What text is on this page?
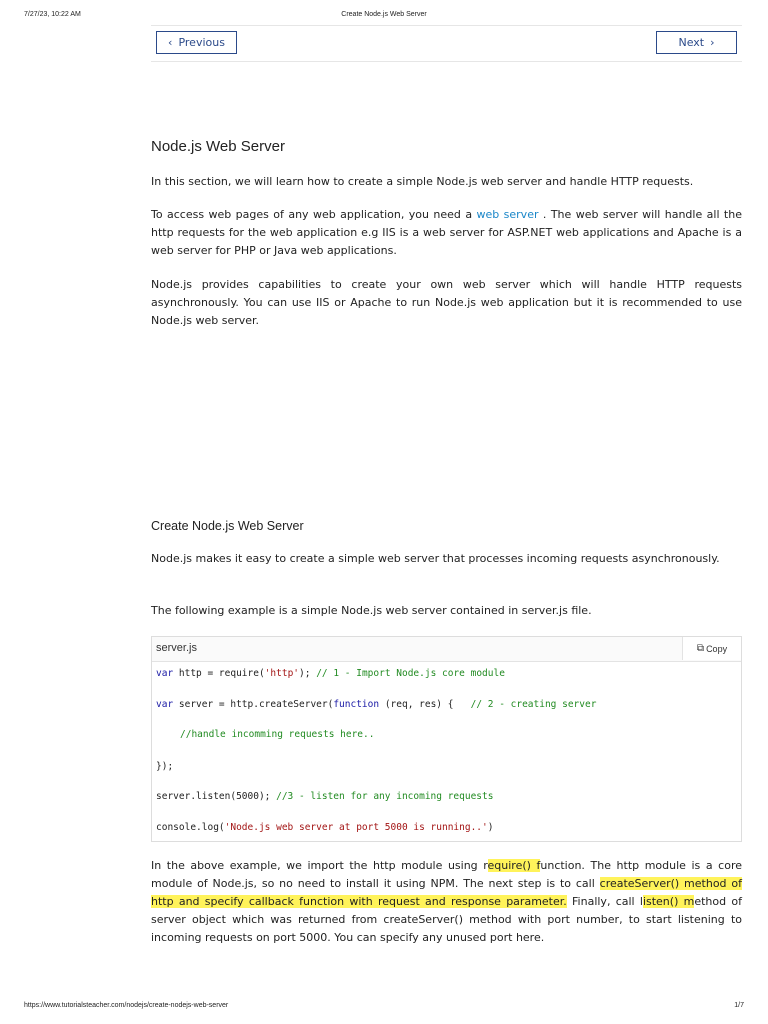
7/27/23, 10:22 AM	Create Node.js Web Server
‹ Previous	Next ›
Node.js Web Server

In this section, we will learn how to create a simple Node.js web server and handle HTTP requests.

To access web pages of any web application, you need a web server . The web server will handle all the http requests for the web application e.g IIS is a web server for ASP.NET web applications and Apache is a web server for PHP or Java web applications.

Node.js provides capabilities to create your own web server which will handle HTTP requests asynchronously. You can use IIS or Apache to run Node.js web application but it is recommended to use Node.js web server.

Create Node.js Web Server

Node.js makes it easy to create a simple web server that processes incoming requests asynchronously.

The following example is a simple Node.js web server contained in server.js file.

server.js	⧉ Copy
var http = require('http'); // 1 - Import Node.js core module
var server = http.createServer(function (req, res) {   // 2 - creating server
//handle incomming requests here..
});
server.listen(5000); //3 - listen for any incoming requests
console.log('Node.js web server at port 5000 is running..')

In the above example, we import the http module using require() function. The http module is a core module of Node.js, so no need to install it using NPM. The next step is to call createServer() method of http and specify callback function with request and response parameter. Finally, call listen() method of server object which was returned from createServer() method with port number, to start listening to incoming requests on port 5000. You can specify any unused port here.

https://www.tutorialsteacher.com/nodejs/create-nodejs-web-server	1/7
